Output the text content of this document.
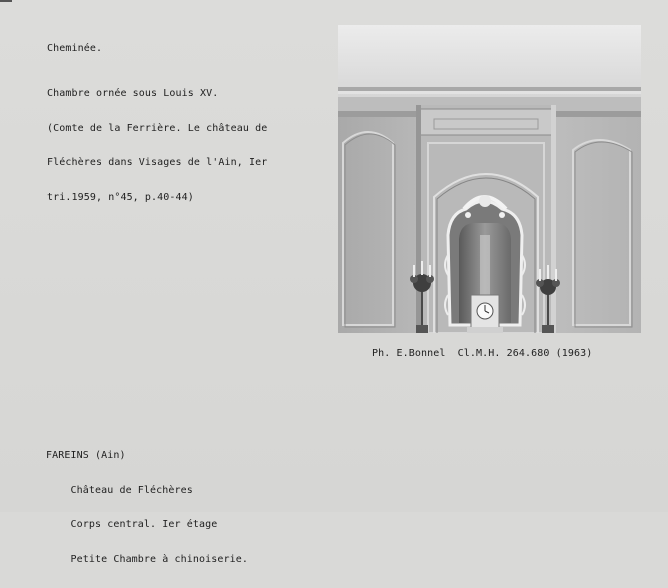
Cheminée.

Chambre ornée sous Louis XV.

(Comte de la Ferrière. Le château de

Fléchères dans Visages de l'Ain, Ier

tri.1959, n°45, p.40-44)

Ph. E.Bonnel  Cl.M.H. 264.680 (1963)

FAREINS (Ain)

Château de Fléchères

Corps central. Ier étage

Petite Chambre à chinoiserie.
